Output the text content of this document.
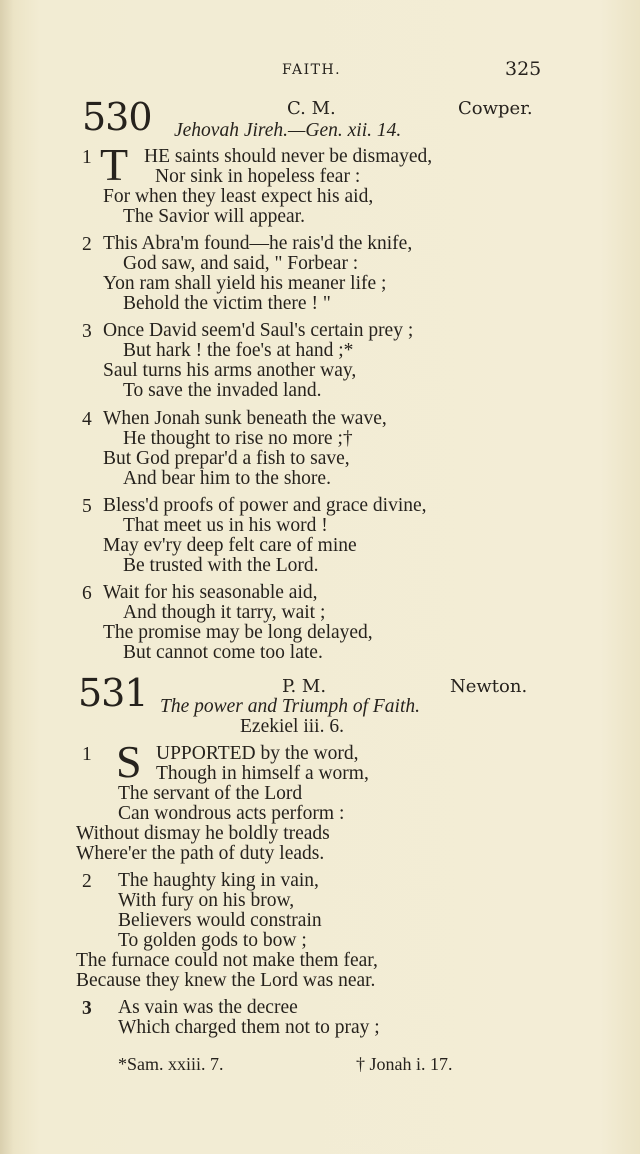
FAITH.	325
530	C. M.	Cowper.
Jehovah Jireh.—Gen. xii. 14.
1 T HE saints should never be dismayed,
Nor sink in hopeless fear :
For when they least expect his aid,
The Savior will appear.
2 This Abra'm found—he rais'd the knife,
God saw, and said, " Forbear :
Yon ram shall yield his meaner life ;
Behold the victim there ! "
3 Once David seem'd Saul's certain prey ;
But hark ! the foe's at hand ;*
Saul turns his arms another way,
To save the invaded land.
4 When Jonah sunk beneath the wave,
He thought to rise no more ;†
But God prepar'd a fish to save,
And bear him to the shore.
5 Bless'd proofs of power and grace divine,
That meet us in his word !
May ev'ry deep felt care of mine
Be trusted with the Lord.
6 Wait for his seasonable aid,
And though it tarry, wait ;
The promise may be long delayed,
But cannot come too late.
531	P. M.	Newton.
The power and Triumph of Faith.
Ezekiel iii. 6.
1 S UPPORTED by the word,
Though in himself a worm,
The servant of the Lord
Can wondrous acts perform :
Without dismay he boldly treads
Where'er the path of duty leads.
2 The haughty king in vain,
With fury on his brow,
Believers would constrain
To golden gods to bow ;
The furnace could not make them fear,
Because they knew the Lord was near.
3 As vain was the decree
Which charged them not to pray ;
*Sam. xxiii. 7.	† Jonah i. 17.
